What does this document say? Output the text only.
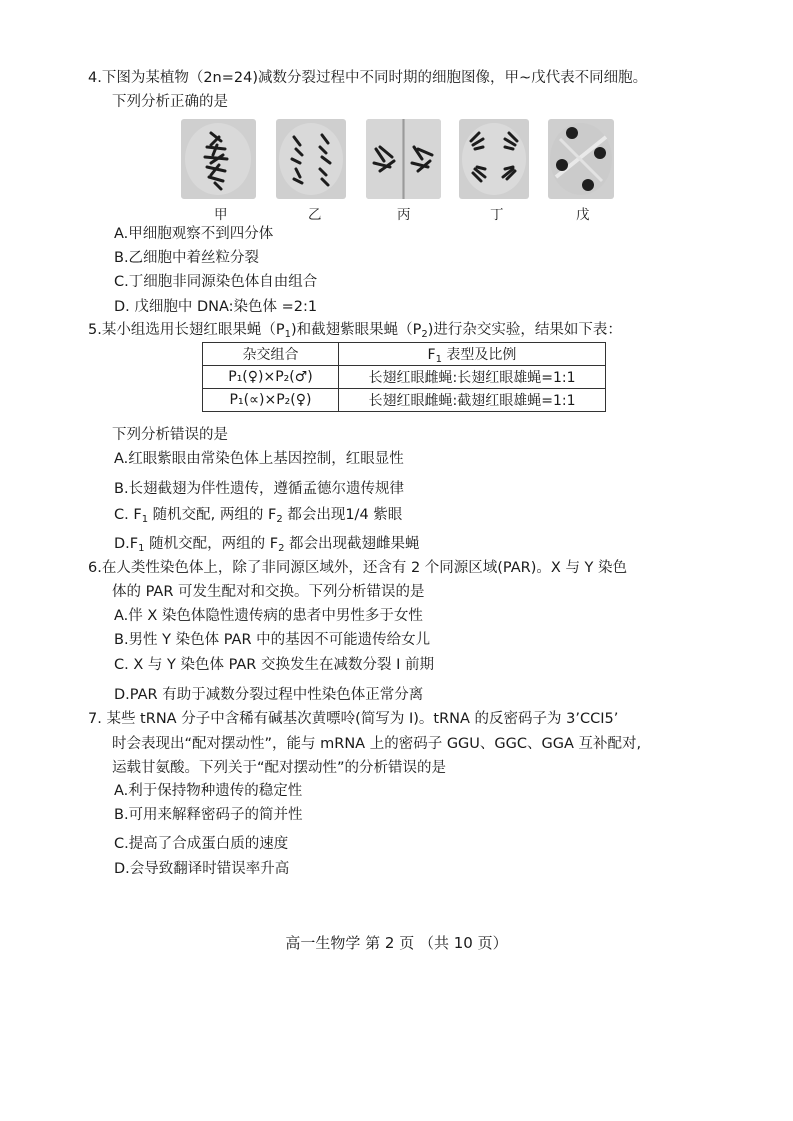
4.下图为某植物（2n=24)减数分裂过程中不同时期的细胞图像，甲~戊代表不同细胞。
下列分析正确的是
甲	乙	丙	丁	戊
A.甲细胞观察不到四分体
B.乙细胞中着丝粒分裂
C.丁细胞非同源染色体自由组合
D. 戊细胞中 DNA:染色体 =2:1
5.某小组选用长翅红眼果蝇$(P_1)$和截翅紫眼果蝇$(P_2)$进行杂交实验，结果如下表：
杂交组合	$F_1$ 表型及比例
P₁(♀)×P₂(♂)	长翅红眼雌蝇:长翅红眼雄蝇=1:1
P₁(∝)×P₂(♀)	长翅红眼雌蝇:截翅红眼雄蝇=1:1
下列分析错误的是
A.红眼紫眼由常染色体上基因控制，红眼显性
B.长翅截翅为伴性遗传，遵循孟德尔遗传规律
C. $F_1$ 随机交配, 两组的 $F_2$ 都会出现1/4 紫眼
$D.F_1$ 随机交配，两组的 $F_2$ 都会出现截翅雌果蝇
6.在人类性染色体上，除了非同源区域外，还含有 2 个同源区域(PAR)。X 与 Y 染色
体的 PAR 可发生配对和交换。下列分析错误的是
A.伴 X 染色体隐性遗传病的患者中男性多于女性
B.男性 Y 染色体 PAR 中的基因不可能遗传给女儿
C. X 与 Y 染色体 PAR 交换发生在减数分裂 Ⅰ 前期
D.PAR 有助于减数分裂过程中性染色体正常分离
7. 某些 tRNA 分子中含稀有碱基次黄嘌呤(简写为 I)。tRNA 的反密码子为 3’CCI5’
时会表现出“配对摆动性”，能与 mRNA 上的密码子 GGU、GGC、GGA 互补配对,
运载甘氨酸。下列关于“配对摆动性”的分析错误的是
A.利于保持物种遗传的稳定性
B.可用来解释密码子的简并性
C.提高了合成蛋白质的速度
D.会导致翻译时错误率升高
高一生物学 第 2 页 （共 10 页）
